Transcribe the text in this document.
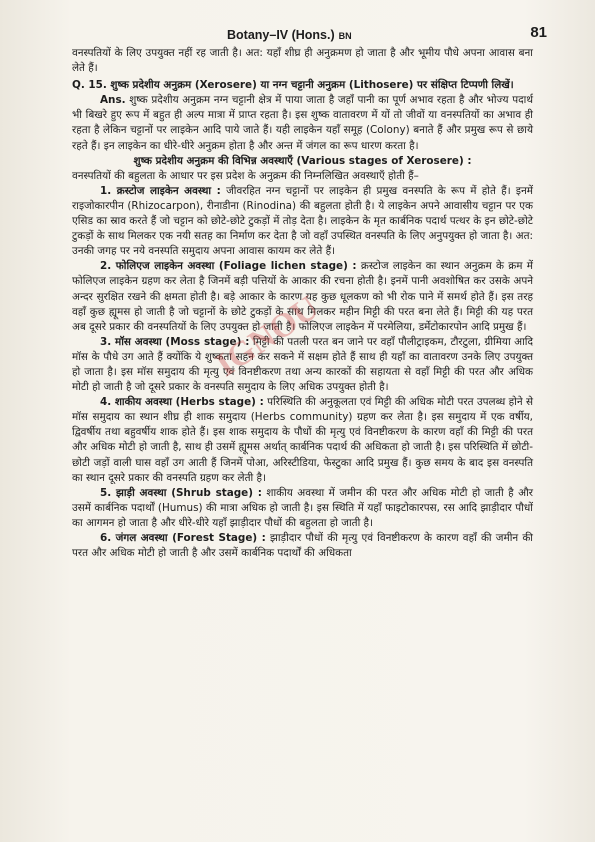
Botany–IV (Hons.) BN	81

वनस्पतियों के लिए उपयुक्त नहीं रह जाती है। अत: यहाँ शीघ्र ही अनुक्रमण हो जाता है और भूमीय पौधे अपना आवास बना लेते हैं।

Q. 15. शुष्क प्रदेशीय अनुक्रम (Xerosere) या नग्न चट्टानी अनुक्रम (Lithosere) पर संक्षिप्त टिप्पणी लिखें।

Ans. शुष्क प्रदेशीय अनुक्रम नग्न चट्टानी क्षेत्र में पाया जाता है जहाँ पानी का पूर्ण अभाव रहता है और भोज्य पदार्थ भी बिखरे हुए रूप में बहुत ही अल्प मात्रा में प्राप्त रहता है। इस शुष्क वातावरण में यों तो जीवों या वनस्पतियों का अभाव ही रहता है लेकिन चट्टानों पर लाइकेन आदि पाये जाते हैं। यही लाइकेन यहाँ समूह (Colony) बनाते हैं और प्रमुख रूप से छाये रहते हैं। इन लाइकेन का धीरे-धीरे अनुक्रम होता है और अन्त में जंगल का रूप धारण करता है।

शुष्क प्रदेशीय अनुक्रम की विभिन्न अवस्थाएँ (Various stages of Xerosere) :

वनस्पतियों की बहुलता के आधार पर इस प्रदेश के अनुक्रम की निम्नलिखित अवस्थाएँ होती हैं–

1. क्रस्टोज लाइकेन अवस्था : जीवरहित नग्न चट्टानों पर लाइकेन ही प्रमुख वनस्पति के रूप में होते हैं। इनमें राइजोकारपीन (Rhizocarpon), रीनाडीना (Rinodina) की बहुलता होती है। ये लाइकेन अपने आवासीय चट्टान पर एक एसिड का स्राव करते हैं जो चट्टान को छोटे-छोटे टुकड़ों में तोड़ देता है। लाइकेन के मृत कार्बनिक पदार्थ पत्थर के इन छोटे-छोटे टुकड़ों के साथ मिलकर एक नयी सतह का निर्माण कर देता है जो वहाँ उपस्थित वनस्पति के लिए अनुपयुक्त हो जाता है। अत: उनकी जगह पर नये वनस्पति समुदाय अपना आवास कायम कर लेते हैं।

2. फोलिएज लाइकेन अवस्था (Foliage lichen stage) : क्रस्टोज लाइकेन का स्थान अनुक्रम के क्रम में फोलिएज लाइकेन ग्रहण कर लेता है जिनमें बड़ी पत्तियों के आकार की रचना होती है। इनमें पानी अवशोषित कर उसके अपने अन्दर सुरक्षित रखने की क्षमता होती है। बड़े आकार के कारण यह कुछ धूलकण को भी रोक पाने में समर्थ होते हैं। इस तरह वहाँ कुछ ह्यूमस हो जाती है जो चट्टानों के छोटे टुकड़ों के साथ मिलकर महीन मिट्टी की परत बना लेते हैं। मिट्टी की यह परत अब दूसरे प्रकार की वनस्पतियों के लिए उपयुक्त हो जाती है। फोलिएज लाइकेन में परमेलिया, डर्मेटोकारपोन आदि प्रमुख हैं।

3. मॉस अवस्था (Moss stage) : मिट्टी की पतली परत बन जाने पर वहाँ पौलीट्राइकम, टौरटुला, ग्रीमिया आदि मॉस के पौधे उग आते हैं क्योंकि ये शुष्कता सहन कर सकने में सक्षम होते हैं साथ ही यहाँ का वातावरण उनके लिए उपयुक्त हो जाता है। इस मॉस समुदाय की मृत्यु एवं विनष्टीकरण तथा अन्य कारकों की सहायता से वहाँ मिट्टी की परत और अधिक मोटी हो जाती है जो दूसरे प्रकार के वनस्पति समुदाय के लिए अधिक उपयुक्त होती है।

4. शाकीय अवस्था (Herbs stage) : परिस्थिति की अनुकूलता एवं मिट्टी की अधिक मोटी परत उपलब्ध होने से मॉस समुदाय का स्थान शीघ्र ही शाक समुदाय (Herbs community) ग्रहण कर लेता है। इस समुदाय में एक वर्षीय, द्विवर्षीय तथा बहुवर्षीय शाक होते हैं। इस शाक समुदाय के पौधों की मृत्यु एवं विनष्टीकरण के कारण वहाँ की मिट्टी की परत और अधिक मोटी हो जाती है, साथ ही उसमें ह्यूमस अर्थात् कार्बनिक पदार्थ की अधिकता हो जाती है। इस परिस्थिति में छोटी-छोटी जड़ों वाली घास वहाँ उग आती हैं जिनमें पोआ, अरिस्टीडिया, फेस्टुका आदि प्रमुख हैं। कुछ समय के बाद इस वनस्पति का स्थान दूसरे प्रकार की वनस्पति ग्रहण कर लेती है।

5. झाड़ी अवस्था (Shrub stage) : शाकीय अवस्था में जमीन की परत और अधिक मोटी हो जाती है और उसमें कार्बनिक पदार्थों (Humus) की मात्रा अधिक हो जाती है। इस स्थिति में यहाँ फाइटोकारपस, रस आदि झाड़ीदार पौधों का आगमन हो जाता है और धीरे-धीरे यहाँ झाड़ीदार पौधों की बहुलता हो जाती है।

6. जंगल अवस्था (Forest Stage) : झाड़ीदार पौधों की मृत्यु एवं विनष्टीकरण के कारण वहाँ की जमीन की परत और अधिक मोटी हो जाती है और उसमें कार्बनिक पदार्थों की अधिकता

IGNOU
